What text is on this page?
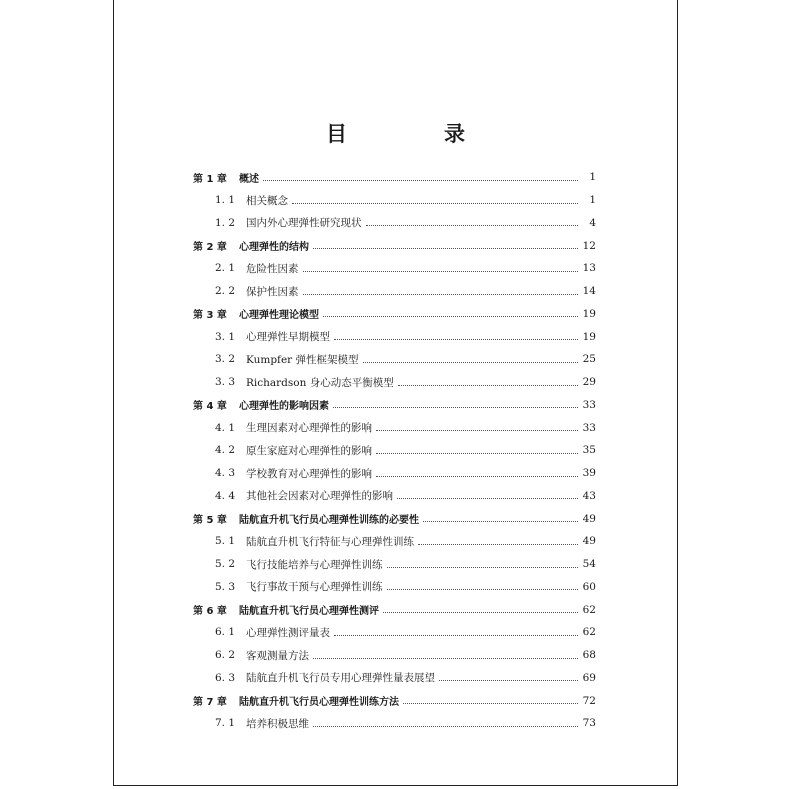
目　录
第 1 章	概述	1
1. 1	相关概念	1
1. 2	国内外心理弹性研究现状	4
第 2 章	心理弹性的结构	12
2. 1	危险性因素	13
2. 2	保护性因素	14
第 3 章	心理弹性理论模型	19
3. 1	心理弹性早期模型	19
3. 2	Kumpfer 弹性框架模型	25
3. 3	Richardson 身心动态平衡模型	29
第 4 章	心理弹性的影响因素	33
4. 1	生理因素对心理弹性的影响	33
4. 2	原生家庭对心理弹性的影响	35
4. 3	学校教育对心理弹性的影响	39
4. 4	其他社会因素对心理弹性的影响	43
第 5 章	陆航直升机飞行员心理弹性训练的必要性	49
5. 1	陆航直升机飞行特征与心理弹性训练	49
5. 2	飞行技能培养与心理弹性训练	54
5. 3	飞行事故干预与心理弹性训练	60
第 6 章	陆航直升机飞行员心理弹性测评	62
6. 1	心理弹性测评量表	62
6. 2	客观测量方法	68
6. 3	陆航直升机飞行员专用心理弹性量表展望	69
第 7 章	陆航直升机飞行员心理弹性训练方法	72
7. 1	培养积极思维	73
